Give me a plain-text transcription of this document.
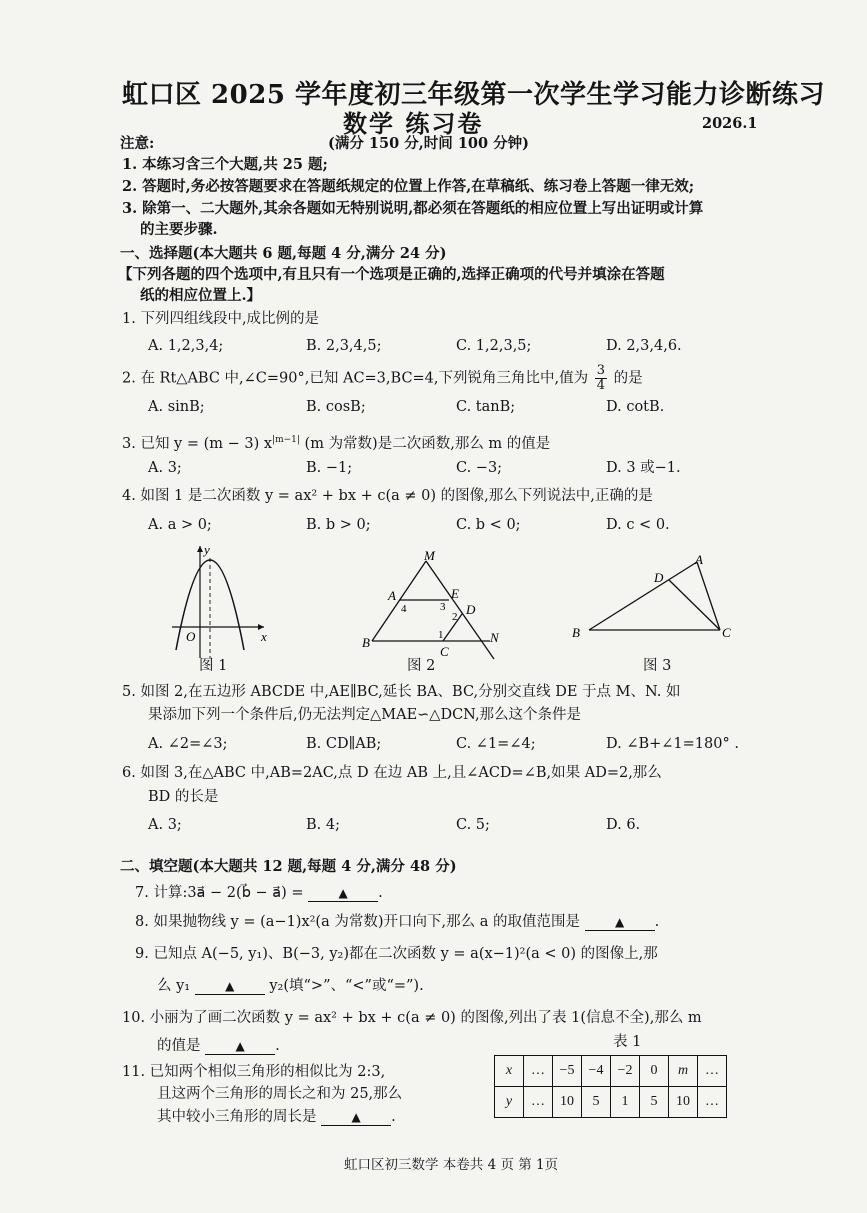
虹口区 2025 学年度初三年级第一次学生学习能力诊断练习
数学 练习卷	2026.1
注意:	(满分 150 分,时间 100 分钟)
1. 本练习含三个大题,共 25 题;
2. 答题时,务必按答题要求在答题纸规定的位置上作答,在草稿纸、练习卷上答题一律无效;
3. 除第一、二大题外,其余各题如无特别说明,都必须在答题纸的相应位置上写出证明或计算
的主要步骤.
一、选择题(本大题共 6 题,每题 4 分,满分 24 分)
【下列各题的四个选项中,有且只有一个选项是正确的,选择正确项的代号并填涂在答题
纸的相应位置上.】
1. 下列四组线段中,成比例的是
A. 1,2,3,4;	B. 2,3,4,5;	C. 1,2,3,5;	D. 2,3,4,6.
2. 在 Rt△ABC 中,∠C=90°,已知 AC=3,BC=4,下列锐角三角比中,值为 $\frac{3}{4}$ 的是
A. sinB;	B. cosB;	C. tanB;	D. cotB.
3. 已知 y = (m − 3) $x^{|m-1|}$ (m 为常数)是二次函数,那么 m 的值是
A. 3;	B. −1;	C. −3;	D. 3 或−1.
4. 如图 1 是二次函数 y = ax² + bx + c(a ≠ 0) 的图像,那么下列说法中,正确的是
A. a > 0;	B. b > 0;	C. b < 0;	D. c < 0.
y
x
O
图 1
M
A	E
D
B
C
N
4	3
2
1
图 2
A
D
B	C
图 3
5. 如图 2,在五边形 ABCDE 中,AE∥BC,延长 BA、BC,分别交直线 DE 于点 M、N. 如
果添加下列一个条件后,仍无法判定△MAE∽△DCN,那么这个条件是
A. ∠2=∠3;	B. CD∥AB;	C. ∠1=∠4;	D. ∠B+∠1=180° .
6. 如图 3,在△ABC 中,AB=2AC,点 D 在边 AB 上,且∠ACD=∠B,如果 AD=2,那么
BD 的长是
A. 3;	B. 4;	C. 5;	D. 6.
二、填空题(本大题共 12 题,每题 4 分,满分 48 分)
7. 计算:3a⃗ − 2(b⃗ − a⃗) =	▲ .
8. 如果抛物线 y = (a−1)x²(a 为常数)开口向下,那么 a 的取值范围是	▲ .
9. 已知点 A(−5, y₁)、B(−3, y₂)都在二次函数 y = a(x−1)²(a < 0) 的图像上,那
么 y₁	▲ y₂(填“>”、“<”或“=”).
10. 小丽为了画二次函数 y = ax² + bx + c(a ≠ 0) 的图像,列出了表 1(信息不全),那么 m
的值是	▲ .
11. 已知两个相似三角形的相似比为 2:3,
且这两个三角形的周长之和为 25,那么
其中较小三角形的周长是	▲ .
表 1
x	…	−5	−4	−2	0	m	…
y	…	10	5	1	5	10	…
虹口区初三数学 本卷共 4 页 第 1页
